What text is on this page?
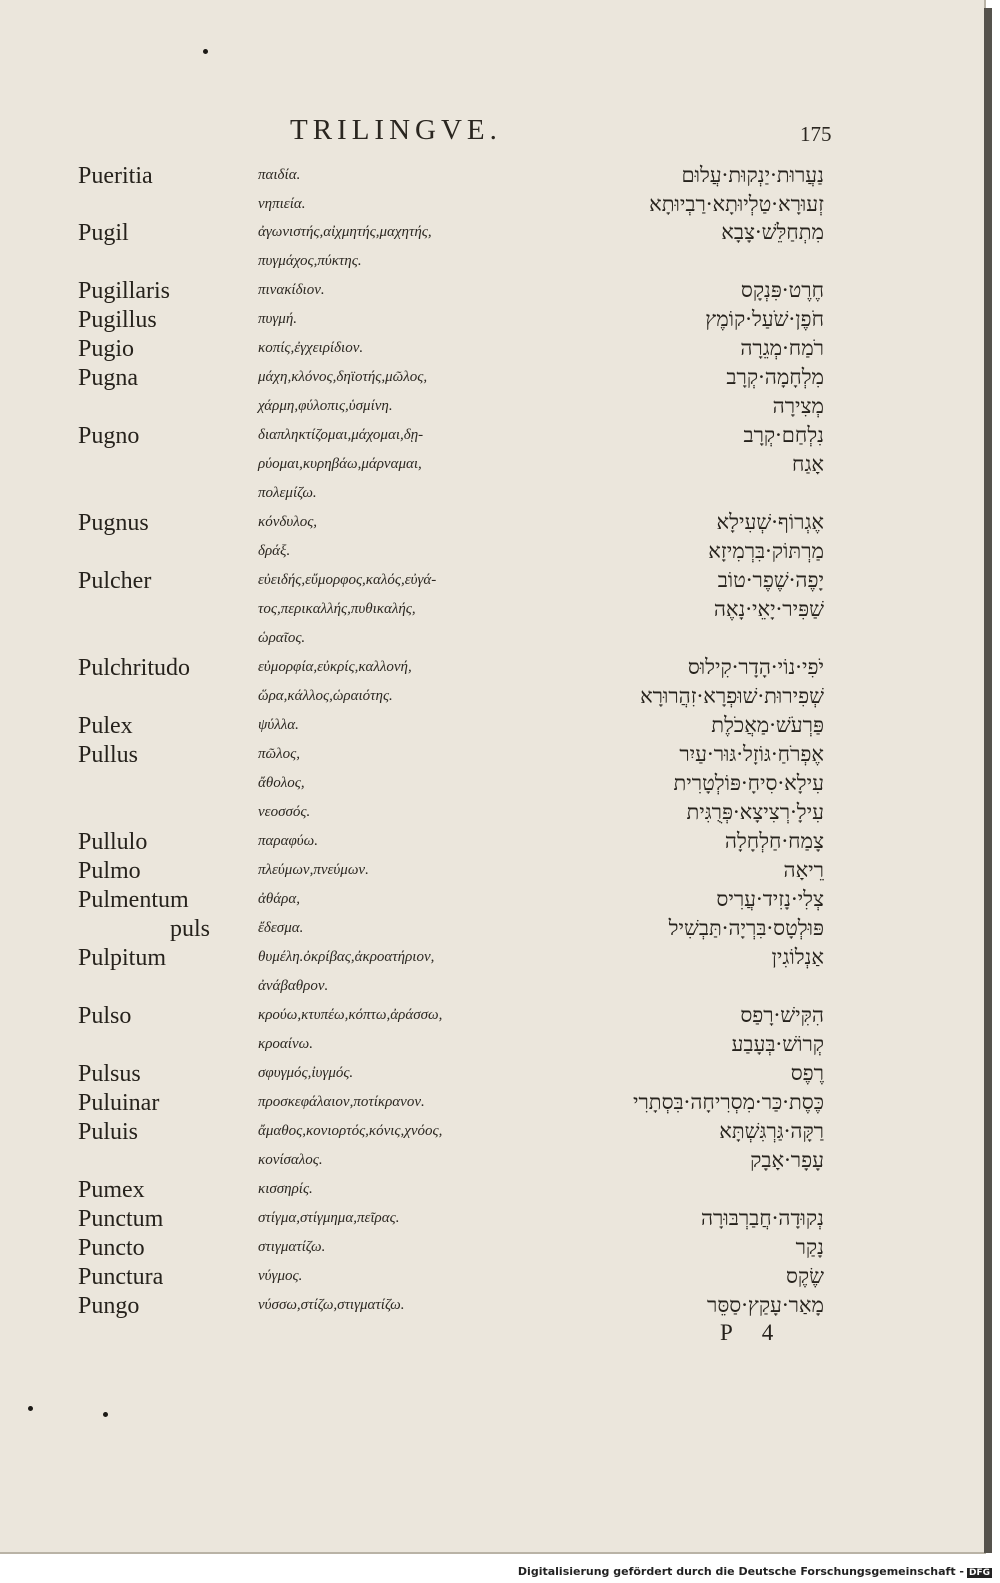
TRILINGVE.	175
Pueritia	παιδία.	נַעֲרוּת·יַנְקוּת·עֲלוּם
νηπιεία.	זְעוּרָא·טַלְיוּתָא·רַבְיוּתָא
Pugil	ἀγωνιστής,αἰχμητής,μαχητής,	מִתְחַלֵּשׁ·צָבָא
πυγμάχος,πύκτης.
Pugillaris	πινακίδιον.	חֶרֶט·פִּנְקָס
Pugillus	πυγμή.	חֹפֶן·שֹׁעַל·קוֹמֶץ
Pugio	κοπίς,ἐγχειρίδιον.	רֹמַח·מְגֵרָה
Pugna	μάχη,κλόνος,δηϊοτής,μῶλος,	מִלְחָמָה·קְרָב
χάρμη,φύλοπις,ὑσμίνη.	מְצִירָה
Pugno	διαπληκτίζομαι,μάχομαι,δῃ-	נִלְחַם·קְרָב
ρύομαι,κυρηβάω,μάρναμαι,	אָגַח
πολεμίζω.
Pugnus	κόνδυλος,	אֶגְרוֹף·שְׁעִילָא
δράξ.	מַרְתּוֹק·בִּרְמִיזָא
Pulcher	εὐειδής,εὔμορφος,καλός,εὐγά-	יָפֶה·שֶׁפֶר·טוֹב
τος,περικαλλής,πυθικαλής,	שַׁפִּיר·יָאֵי·נָאֶה
ὡραῖος.
Pulchritudo	εὐμορφία,εὐκρίς,καλλονή,	יֹפִי·נוֹי·הָדָר·קִילוּס
ὥρα,κάλλος,ὡραιότης.	שְׁפִירוּת·שׁוּפְרָא·זִהֲרוּרָא
Pulex	ψύλλα.	פַּרְעֹשׁ·מַאֲכֹלֶת
Pullus	πῶλος,	אֶפְרֹחַ·גּוֹזָל·גּוּר·עַיִר
ἄθολος,	עִילָא·סִיחָ·פּוֹלְטָרִית
νεοσσός.	עִילָ·רְצִיצָא·פְּרֻגִּית
Pullulo	παραφύω.	צָמַח·חַלְחָלָה
Pulmo	πλεύμων,πνεύμων.	רֵיאָה
Pulmentum	ἀθάρα,	צְלִי·נָזִיד·עֲרִיס
puls	ἔδεσμα.	פּוּלְטָס·בִּרְיָה·תַּבְשִׁיל
Pulpitum	θυμέλη.ὀκρίβας,ἀκροατήριον,	אַנְלוֹגִין
ἀνάβαθρον.
Pulso	κρούω,κτυπέω,κόπτω,ἀράσσω,	הִקִּישׁ·רָפַס
κροαίνω.	קְרוֹשׁ·בְּעָבַע
Pulsus	σφυγμός,ἰυγμός.	רֶפֶס
Puluinar	προσκεφάλαιον,ποτίκρανον.	כֶּסֶת·כַּר·מִסְרִיחָה·בִּסְתָרִי
Puluis	ἄμαθος,κονιορτός,κόνις,χνόος,	רַקָּה·גַּרְגִּשְׁתָּא
κονίσαλος.	עָפָר·אָבָק
Pumex	κισσηρίς.
Punctum	στίγμα,στίγμημα,πεῖρας.	נְקוּדָה·חֲבַרְבּוּרָה
Puncto	στιγματίζω.	נָקַר
Punctura	νύγμος.	שֶׂקֶס
Pungo	νύσσω,στίζω,στιγματίζω.	מָאַר·עָקַץ·סַסֵּר
P 4
Digitalisierung gefördert durch die Deutsche Forschungsgemeinschaft - DFG
